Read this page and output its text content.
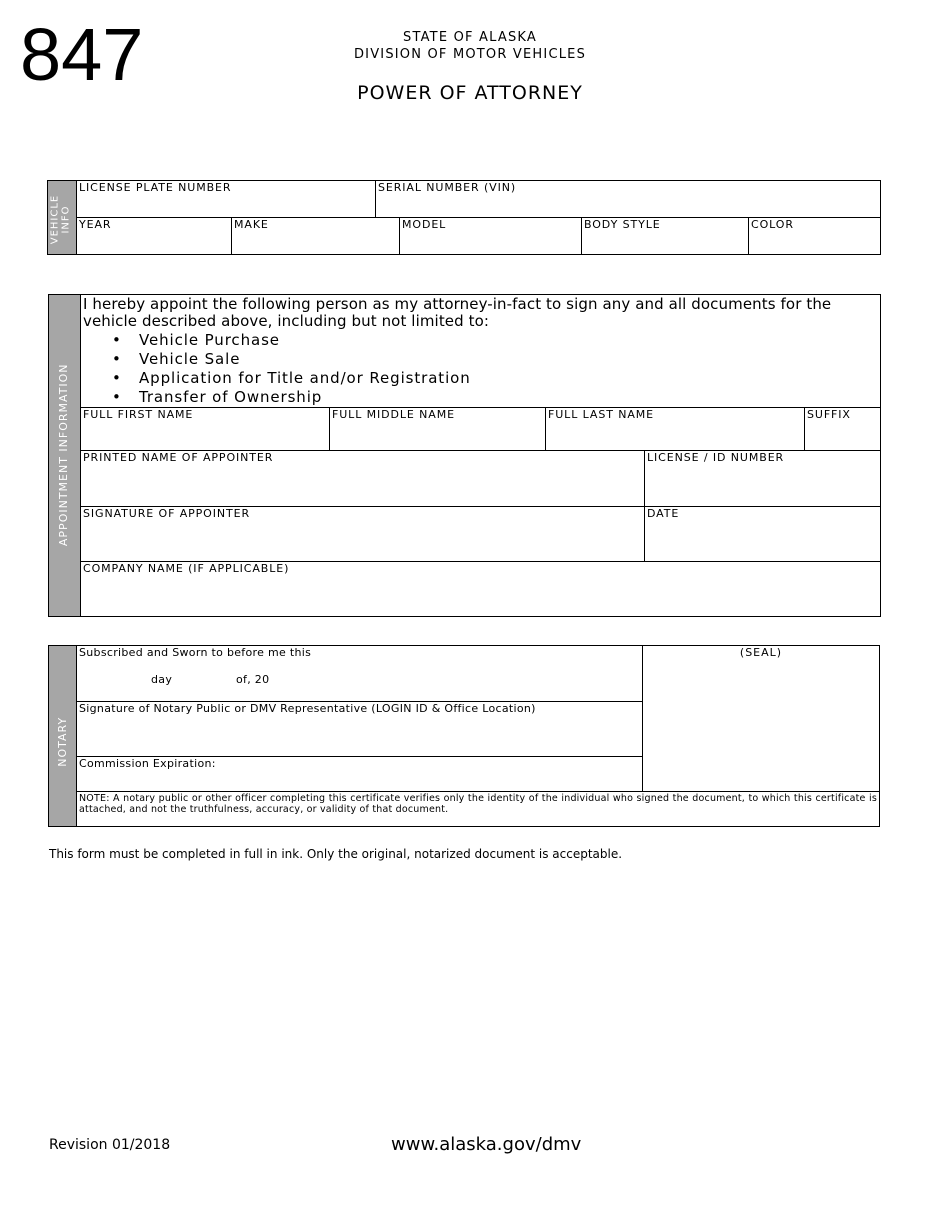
847	STATE OF ALASKA
DIVISION OF MOTOR VEHICLES
POWER OF ATTORNEY
VEHICLE INFO
LICENSE PLATE NUMBER	SERIAL NUMBER (VIN)
YEAR	MAKE	MODEL	BODY STYLE	COLOR
APPOINTMENT INFORMATION
I hereby appoint the following person as my attorney-in-fact to sign any and all documents for the vehicle described above, including but not limited to:
• Vehicle Purchase
• Vehicle Sale
• Application for Title and/or Registration
• Transfer of Ownership
FULL FIRST NAME	FULL MIDDLE NAME	FULL LAST NAME	SUFFIX
PRINTED NAME OF APPOINTER	LICENSE / ID NUMBER
SIGNATURE OF APPOINTER	DATE
COMPANY NAME (IF APPLICABLE)
NOTARY
Subscribed and Sworn to before me this
day	of, 20
(SEAL)
Signature of Notary Public or DMV Representative (LOGIN ID & Office Location)
Commission Expiration:
NOTE: A notary public or other officer completing this certificate verifies only the identity of the individual who signed the document, to which this certificate is attached, and not the truthfulness, accuracy, or validity of that document.
This form must be completed in full in ink. Only the original, notarized document is acceptable.
Revision 01/2018	www.alaska.gov/dmv
